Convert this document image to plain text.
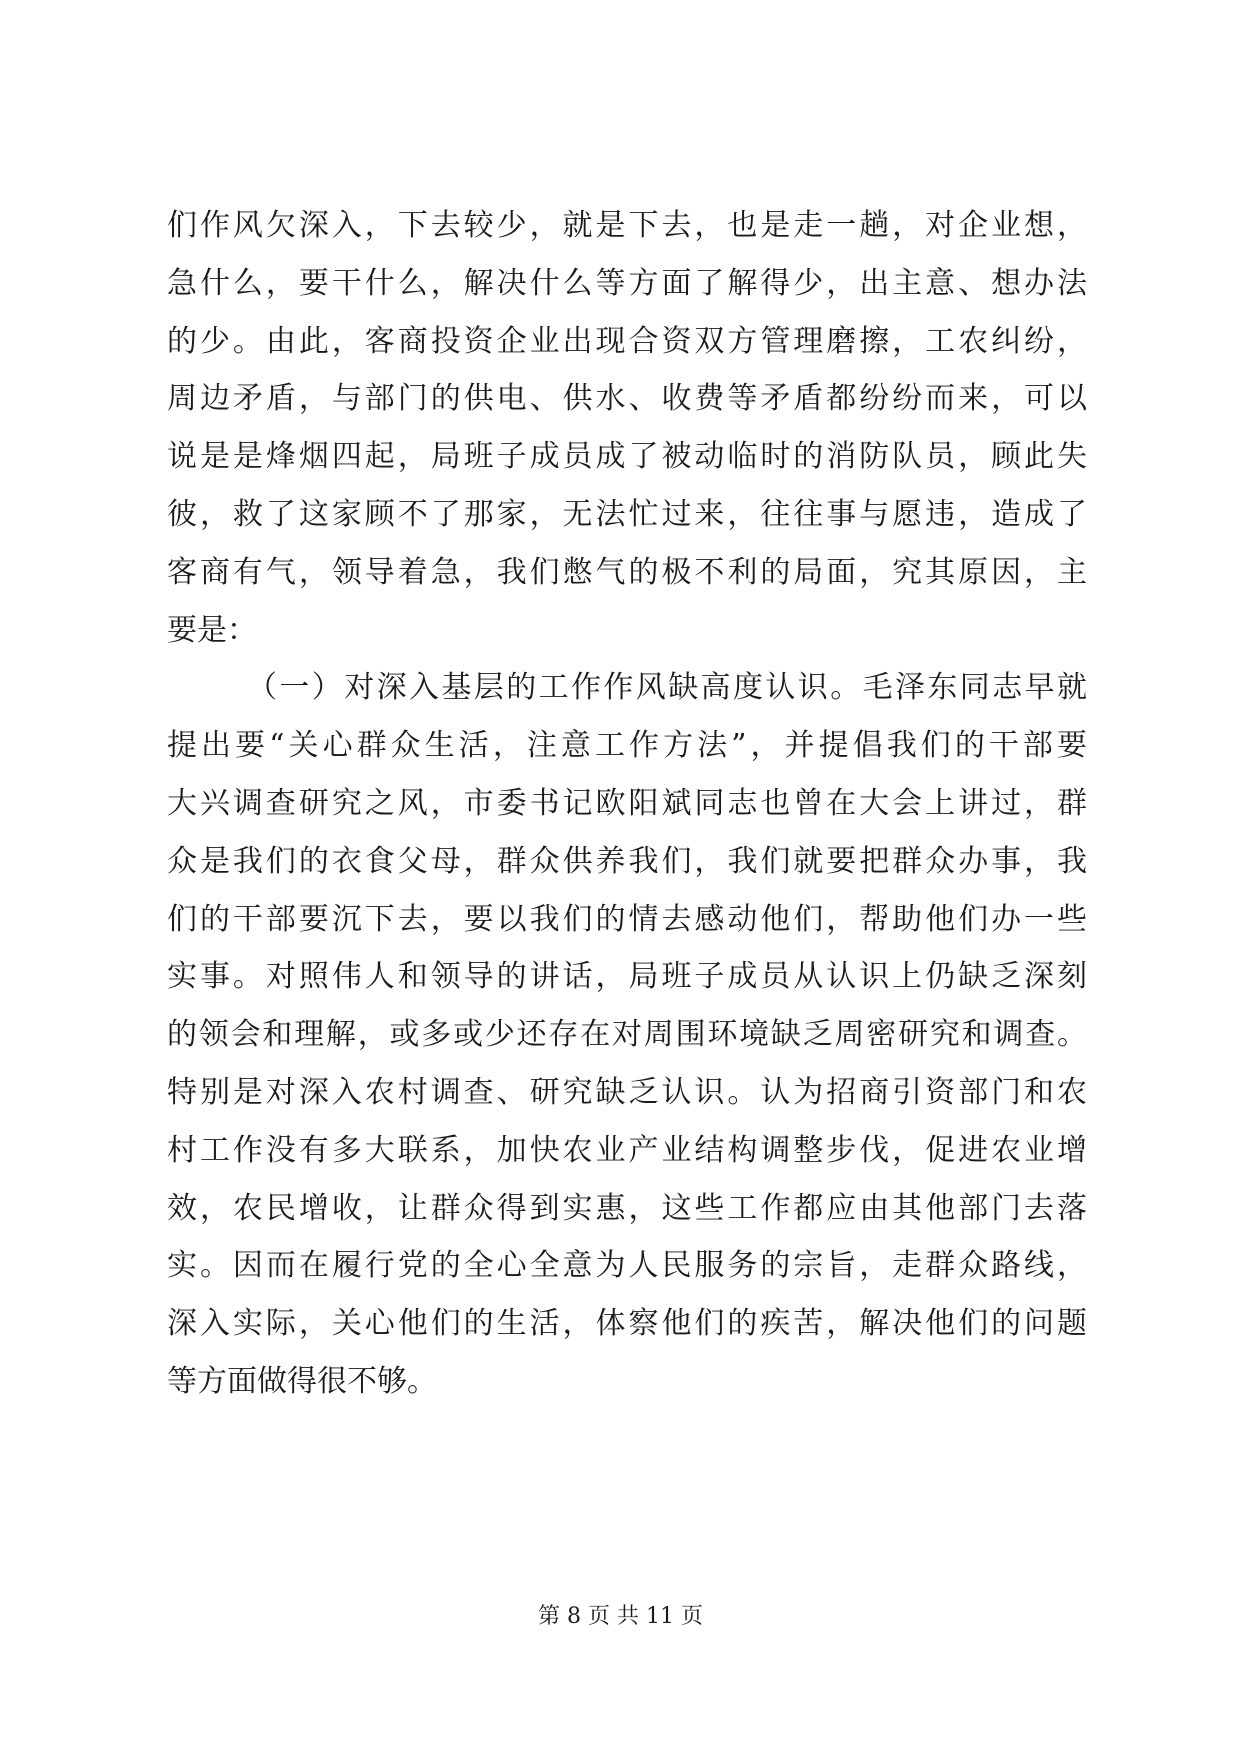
们作风欠深入，下去较少，就是下去，也是走一趟，对企业想，
急什么，要干什么，解决什么等方面了解得少，出主意、想办法
的少。由此，客商投资企业出现合资双方管理磨擦，工农纠纷，
周边矛盾，与部门的供电、供水、收费等矛盾都纷纷而来，可以
说是是烽烟四起，局班子成员成了被动临时的消防队员，顾此失
彼，救了这家顾不了那家，无法忙过来，往往事与愿违，造成了
客商有气，领导着急，我们憋气的极不利的局面，究其原因，主
要是：
（一）对深入基层的工作作风缺高度认识。毛泽东同志早就
提出要“关心群众生活，注意工作方法”，并提倡我们的干部要
大兴调查研究之风，市委书记欧阳斌同志也曾在大会上讲过，群
众是我们的衣食父母，群众供养我们，我们就要把群众办事，我
们的干部要沉下去，要以我们的情去感动他们，帮助他们办一些
实事。对照伟人和领导的讲话，局班子成员从认识上仍缺乏深刻
的领会和理解，或多或少还存在对周围环境缺乏周密研究和调查。
特别是对深入农村调查、研究缺乏认识。认为招商引资部门和农
村工作没有多大联系，加快农业产业结构调整步伐，促进农业增
效，农民增收，让群众得到实惠，这些工作都应由其他部门去落
实。因而在履行党的全心全意为人民服务的宗旨，走群众路线，
深入实际，关心他们的生活，体察他们的疾苦，解决他们的问题
等方面做得很不够。
第 8 页 共 11 页
